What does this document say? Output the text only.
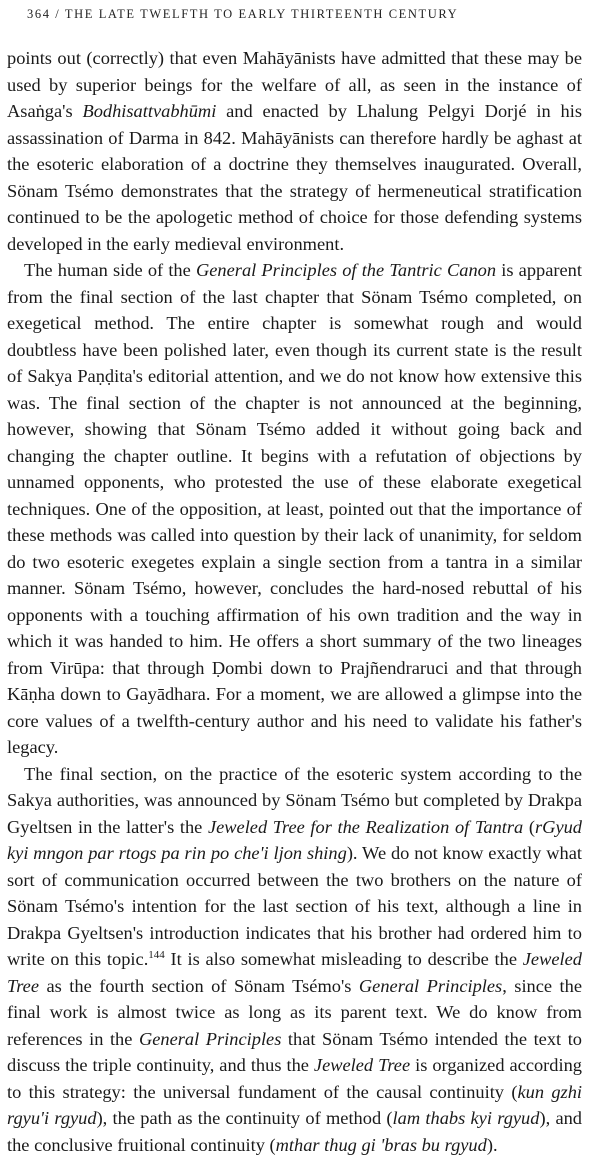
364 / THE LATE TWELFTH TO EARLY THIRTEENTH CENTURY

points out (correctly) that even Mahāyānists have admitted that these may be used by superior beings for the welfare of all, as seen in the instance of Asaṅga's Bodhisattvabhūmi and enacted by Lhalung Pelgyi Dorjé in his assassination of Darma in 842. Mahāyānists can therefore hardly be aghast at the esoteric elaboration of a doctrine they themselves inaugurated. Overall, Sönam Tsémo demonstrates that the strategy of hermeneutical stratification continued to be the apologetic method of choice for those defending systems developed in the early medieval environment.

The human side of the General Principles of the Tantric Canon is apparent from the final section of the last chapter that Sönam Tsémo completed, on exegetical method. The entire chapter is somewhat rough and would doubtless have been polished later, even though its current state is the result of Sakya Paṇḍita's editorial attention, and we do not know how extensive this was. The final section of the chapter is not announced at the beginning, however, showing that Sönam Tsémo added it without going back and changing the chapter outline. It begins with a refutation of objections by unnamed opponents, who protested the use of these elaborate exegetical techniques. One of the opposition, at least, pointed out that the importance of these methods was called into question by their lack of unanimity, for seldom do two esoteric exegetes explain a single section from a tantra in a similar manner. Sönam Tsémo, however, concludes the hard-nosed rebuttal of his opponents with a touching affirmation of his own tradition and the way in which it was handed to him. He offers a short summary of the two lineages from Virūpa: that through Ḍombi down to Prajñendraruci and that through Kāṇha down to Gayādhara. For a moment, we are allowed a glimpse into the core values of a twelfth-century author and his need to validate his father's legacy.

The final section, on the practice of the esoteric system according to the Sakya authorities, was announced by Sönam Tsémo but completed by Drakpa Gyeltsen in the latter's the Jeweled Tree for the Realization of Tantra (rGyud kyi mngon par rtogs pa rin po che'i ljon shing). We do not know exactly what sort of communication occurred between the two brothers on the nature of Sönam Tsémo's intention for the last section of his text, although a line in Drakpa Gyeltsen's introduction indicates that his brother had ordered him to write on this topic.$^{144}$ It is also somewhat misleading to describe the Jeweled Tree as the fourth section of Sönam Tsémo's General Principles, since the final work is almost twice as long as its parent text. We do know from references in the General Principles that Sönam Tsémo intended the text to discuss the triple continuity, and thus the Jeweled Tree is organized according to this strategy: the universal fundament of the causal continuity (kun gzhi rgyu'i rgyud), the path as the continuity of method (lam thabs kyi rgyud), and the conclusive fruitional continuity (mthar thug gi 'bras bu rgyud).
